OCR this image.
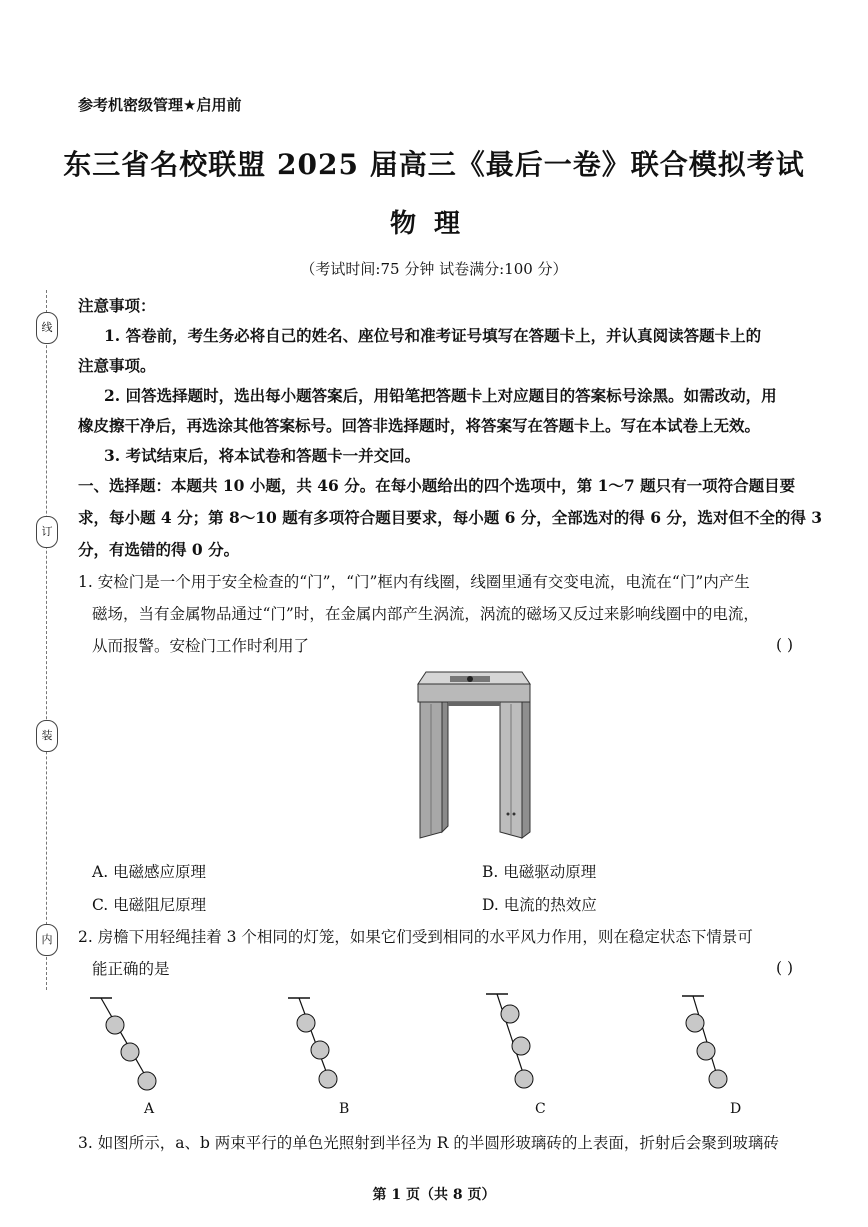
线
订
装
内
参考机密级管理★启用前
东三省名校联盟 2025 届高三《最后一卷》联合模拟考试
物理
（考试时间:75 分钟 试卷满分:100 分）
注意事项：
1. 答卷前，考生务必将自己的姓名、座位号和准考证号填写在答题卡上，并认真阅读答题卡上的
注意事项。
2. 回答选择题时，选出每小题答案后，用铅笔把答题卡上对应题目的答案标号涂黑。如需改动，用
橡皮擦干净后，再选涂其他答案标号。回答非选择题时，将答案写在答题卡上。写在本试卷上无效。
3. 考试结束后，将本试卷和答题卡一并交回。
一、选择题：本题共 10 小题，共 46 分。在每小题给出的四个选项中，第 1～7 题只有一项符合题目要
求，每小题 4 分；第 8～10 题有多项符合题目要求，每小题 6 分，全部选对的得 6 分，选对但不全的得 3
分，有选错的得 0 分。
1. 安检门是一个用于安全检查的“门”，“门”框内有线圈，线圈里通有交变电流，电流在“门”内产生
磁场，当有金属物品通过“门”时，在金属内部产生涡流，涡流的磁场又反过来影响线圈中的电流，
从而报警。安检门工作时利用了	( )
A. 电磁感应原理	B. 电磁驱动原理
C. 电磁阻尼原理	D. 电流的热效应
2. 房檐下用轻绳挂着 3 个相同的灯笼，如果它们受到相同的水平风力作用，则在稳定状态下情景可
能正确的是	( )
A	B	C	D
3. 如图所示，a、b 两束平行的单色光照射到半径为 R 的半圆形玻璃砖的上表面，折射后会聚到玻璃砖
第 1 页（共 8 页）
